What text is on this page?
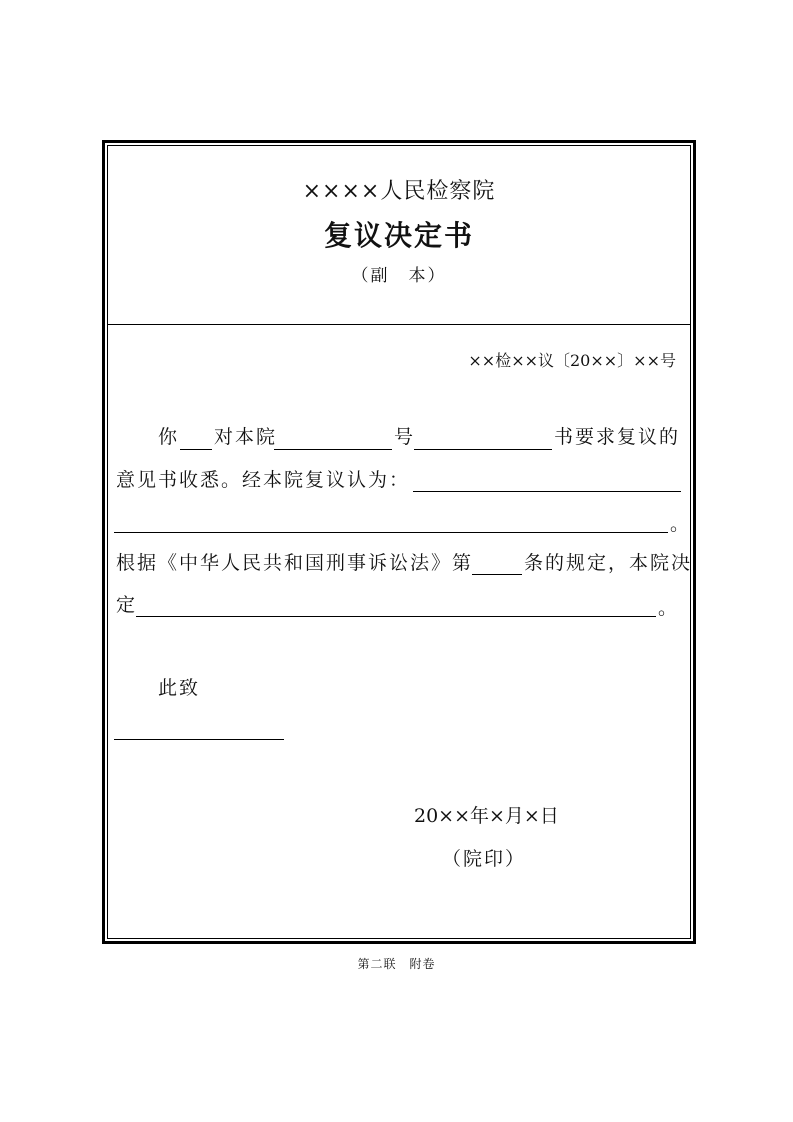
××××人民检察院
复议决定书
（副　本）
××检××议〔20××〕××号
你 对本院	号	书要求复议的
意见书收悉。经本院复议认为：
。
根据《中华人民共和国刑事诉讼法》第	条的规定，本院决
定	。
此致
20××年×月×日
（院印）
第二联　附卷
